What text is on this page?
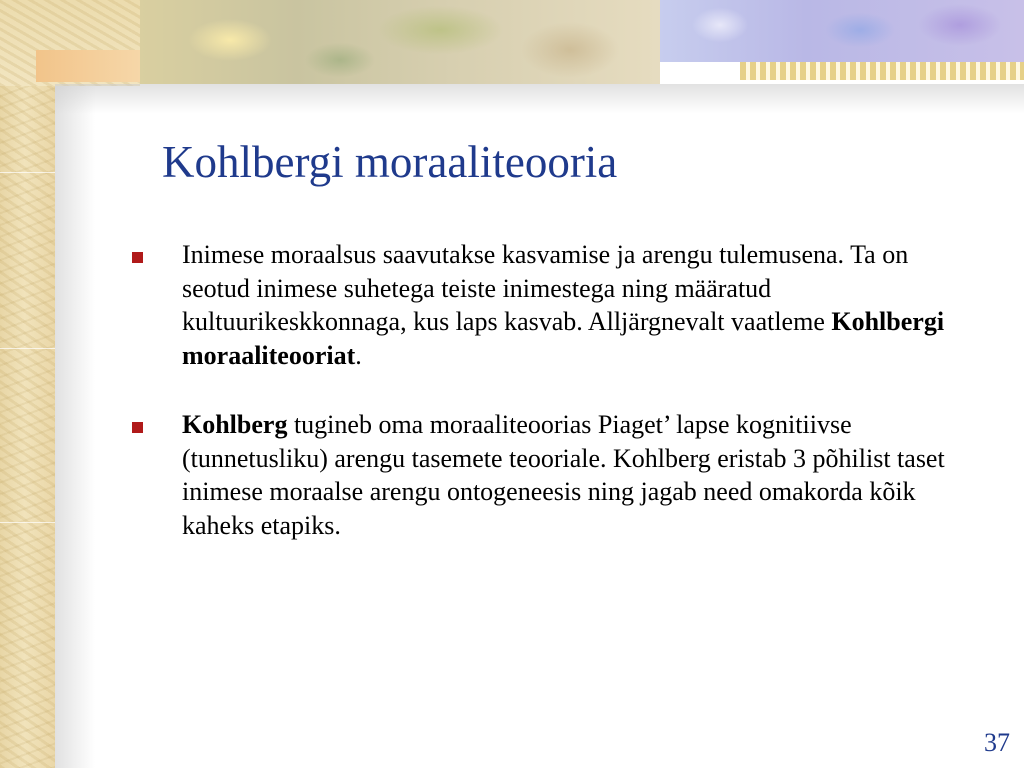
Kohlbergi moraaliteooria
Inimese moraalsus saavutakse kasvamise ja arengu tulemusena. Ta on seotud inimese suhetega teiste inimestega ning määratud kultuurikeskkonnaga, kus laps kasvab. Alljärgnevalt vaatleme Kohlbergi moraaliteooriat.
Kohlberg tugineb oma moraaliteoorias Piaget’ lapse kognitiivse (tunnetusliku) arengu tasemete teooriale. Kohlberg eristab 3 põhilist taset inimese moraalse arengu ontogeneesis ning jagab need omakorda kõik kaheks etapiks.
37
